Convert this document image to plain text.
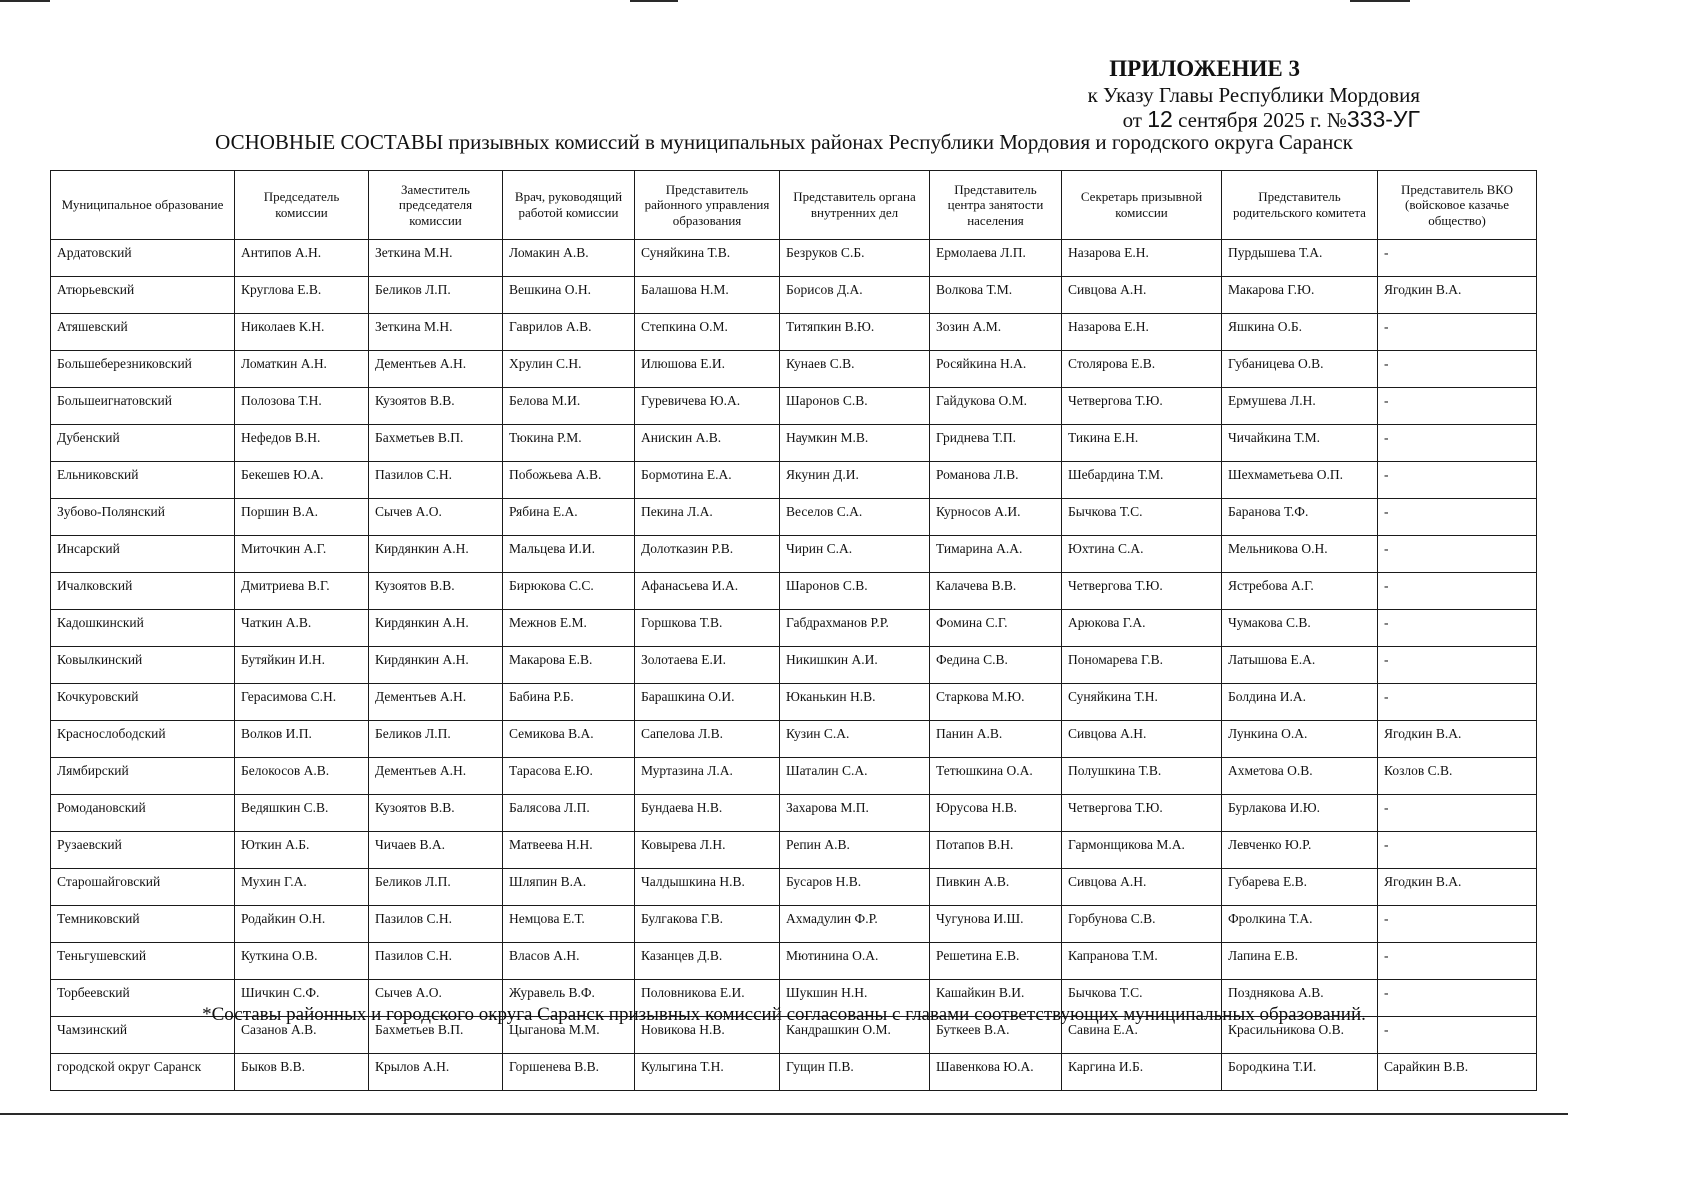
ПРИЛОЖЕНИЕ 3
к Указу Главы Республики Мордовия
от 12 сентября 2025 г. №333-УГ
ОСНОВНЫЕ СОСТАВЫ призывных комиссий в муниципальных районах Республики Мордовия и городского округа Саранск
Муниципальное образование	Председатель комиссии	Заместитель председателя комиссии	Врач, руководящий работой комиссии	Представитель районного управления образования	Представитель органа внутренних дел	Представитель центра занятости населения	Секретарь призывной комиссии	Представитель родительского комитета	Представитель ВКО (войсковое казачье общество)
Ардатовский	Антипов А.Н.	Зеткина М.Н.	Ломакин А.В.	Суняйкина Т.В.	Безруков С.Б.	Ермолаева Л.П.	Назарова Е.Н.	Пурдышева Т.А.	-
Атюрьевский	Круглова Е.В.	Беликов Л.П.	Вешкина О.Н.	Балашова Н.М.	Борисов Д.А.	Волкова Т.М.	Сивцова А.Н.	Макарова Г.Ю.	Ягодкин В.А.
Атяшевский	Николаев К.Н.	Зеткина М.Н.	Гаврилов А.В.	Степкина О.М.	Титяпкин В.Ю.	Зозин А.М.	Назарова Е.Н.	Яшкина О.Б.	-
Большеберезниковский	Ломаткин А.Н.	Дементьев А.Н.	Хрулин С.Н.	Илюшова Е.И.	Кунаев С.В.	Росяйкина Н.А.	Столярова Е.В.	Губаницева О.В.	-
Большеигнатовский	Полозова Т.Н.	Кузоятов В.В.	Белова М.И.	Гуревичева Ю.А.	Шаронов С.В.	Гайдукова О.М.	Четвергова Т.Ю.	Ермушева Л.Н.	-
Дубенский	Нефедов В.Н.	Бахметьев В.П.	Тюкина Р.М.	Анискин А.В.	Наумкин М.В.	Гриднева Т.П.	Тикина Е.Н.	Чичайкина Т.М.	-
Ельниковский	Бекешев Ю.А.	Пазилов С.Н.	Побожьева А.В.	Бормотина Е.А.	Якунин Д.И.	Романова Л.В.	Шебардина Т.М.	Шехмаметьева О.П.	-
Зубово-Полянский	Поршин В.А.	Сычев А.О.	Рябина Е.А.	Пекина Л.А.	Веселов С.А.	Курносов А.И.	Бычкова Т.С.	Баранова Т.Ф.	-
Инсарский	Миточкин А.Г.	Кирдянкин А.Н.	Мальцева И.И.	Долотказин Р.В.	Чирин С.А.	Тимарина А.А.	Юхтина С.А.	Мельникова О.Н.	-
Ичалковский	Дмитриева В.Г.	Кузоятов В.В.	Бирюкова С.С.	Афанасьева И.А.	Шаронов С.В.	Калачева В.В.	Четвергова Т.Ю.	Ястребова А.Г.	-
Кадошкинский	Чаткин А.В.	Кирдянкин А.Н.	Межнов Е.М.	Горшкова Т.В.	Габдрахманов Р.Р.	Фомина С.Г.	Арюкова Г.А.	Чумакова С.В.	-
Ковылкинский	Бутяйкин И.Н.	Кирдянкин А.Н.	Макарова Е.В.	Золотаева Е.И.	Никишкин А.И.	Федина С.В.	Пономарева Г.В.	Латышова Е.А.	-
Кочкуровский	Герасимова С.Н.	Дементьев А.Н.	Бабина Р.Б.	Барашкина О.И.	Юканькин Н.В.	Старкова М.Ю.	Суняйкина Т.Н.	Болдина И.А.	-
Краснослободский	Волков И.П.	Беликов Л.П.	Семикова В.А.	Сапелова Л.В.	Кузин С.А.	Панин А.В.	Сивцова А.Н.	Лункина О.А.	Ягодкин В.А.
Лямбирский	Белокосов А.В.	Дементьев А.Н.	Тарасова Е.Ю.	Муртазина Л.А.	Шаталин С.А.	Тетюшкина О.А.	Полушкина Т.В.	Ахметова О.В.	Козлов С.В.
Ромодановский	Ведяшкин С.В.	Кузоятов В.В.	Балясова Л.П.	Бундаева Н.В.	Захарова М.П.	Юрусова Н.В.	Четвергова Т.Ю.	Бурлакова И.Ю.	-
Рузаевский	Юткин А.Б.	Чичаев В.А.	Матвеева Н.Н.	Ковырева Л.Н.	Репин А.В.	Потапов В.Н.	Гармонщикова М.А.	Левченко Ю.Р.	-
Старошайговский	Мухин Г.А.	Беликов Л.П.	Шляпин В.А.	Чалдышкина Н.В.	Бусаров Н.В.	Пивкин А.В.	Сивцова А.Н.	Губарева Е.В.	Ягодкин В.А.
Темниковский	Родайкин О.Н.	Пазилов С.Н.	Немцова Е.Т.	Булгакова Г.В.	Ахмадулин Ф.Р.	Чугунова И.Ш.	Горбунова С.В.	Фролкина Т.А.	-
Теньгушевский	Куткина О.В.	Пазилов С.Н.	Власов А.Н.	Казанцев Д.В.	Мютинина О.А.	Решетина Е.В.	Капранова Т.М.	Лапина Е.В.	-
Торбеевский	Шичкин С.Ф.	Сычев А.О.	Журавель В.Ф.	Половникова Е.И.	Шукшин Н.Н.	Кашайкин В.И.	Бычкова Т.С.	Позднякова А.В.	-
Чамзинский	Сазанов А.В.	Бахметьев В.П.	Цыганова М.М.	Новикова Н.В.	Кандрашкин О.М.	Буткеев В.А.	Савина Е.А.	Красильникова О.В.	-
городской округ Саранск	Быков В.В.	Крылов А.Н.	Горшенева В.В.	Кулыгина Т.Н.	Гущин П.В.	Шавенкова Ю.А.	Каргина И.Б.	Бородкина Т.И.	Сарайкин В.В.
*Составы районных и городского округа Саранск призывных комиссий согласованы с главами соответствующих муниципальных образований.
